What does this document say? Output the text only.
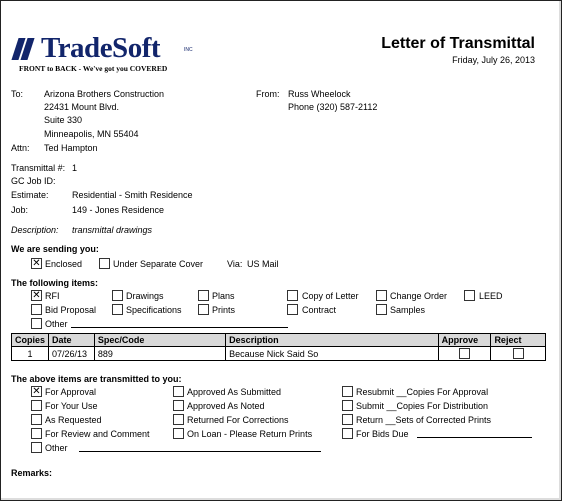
TradeSoft	INC
FRONT to BACK - We've got you COVERED
Letter of Transmittal
Friday, July 26, 2013
To: Arizona Brothers Construction
22431 Mount Blvd.
Suite 330
Minneapolis, MN 55404
Attn: Ted Hampton
From: Russ Wheelock
Phone (320) 587-2112
Transmittal #: 1
GC Job ID:
Estimate:	Residential - Smith Residence
Job:	149 - Jones Residence
Description: transmittal drawings
We are sending you:
✕ Enclosed	Under Separate Cover	Via: US Mail
The following items:
✕ RFI	Drawings	Plans	Copy of Letter	Change Order	LEED
Bid Proposal	Specifications	Prints	Contract	Samples
Other
Copies	Date	Spec/Code	Description	Approve	Reject
1	07/26/13	889	Because Nick Said So		
The above items are transmitted to you:
✕ For Approval
For Your Use
As Requested
For Review and Comment
Other
Approved As Submitted
Approved As Noted
Returned For Corrections
On Loan - Please Return Prints
Resubmit __Copies For Approval
Submit __Copies For Distribution
Return __Sets of Corrected Prints
For Bids Due
Remarks:
